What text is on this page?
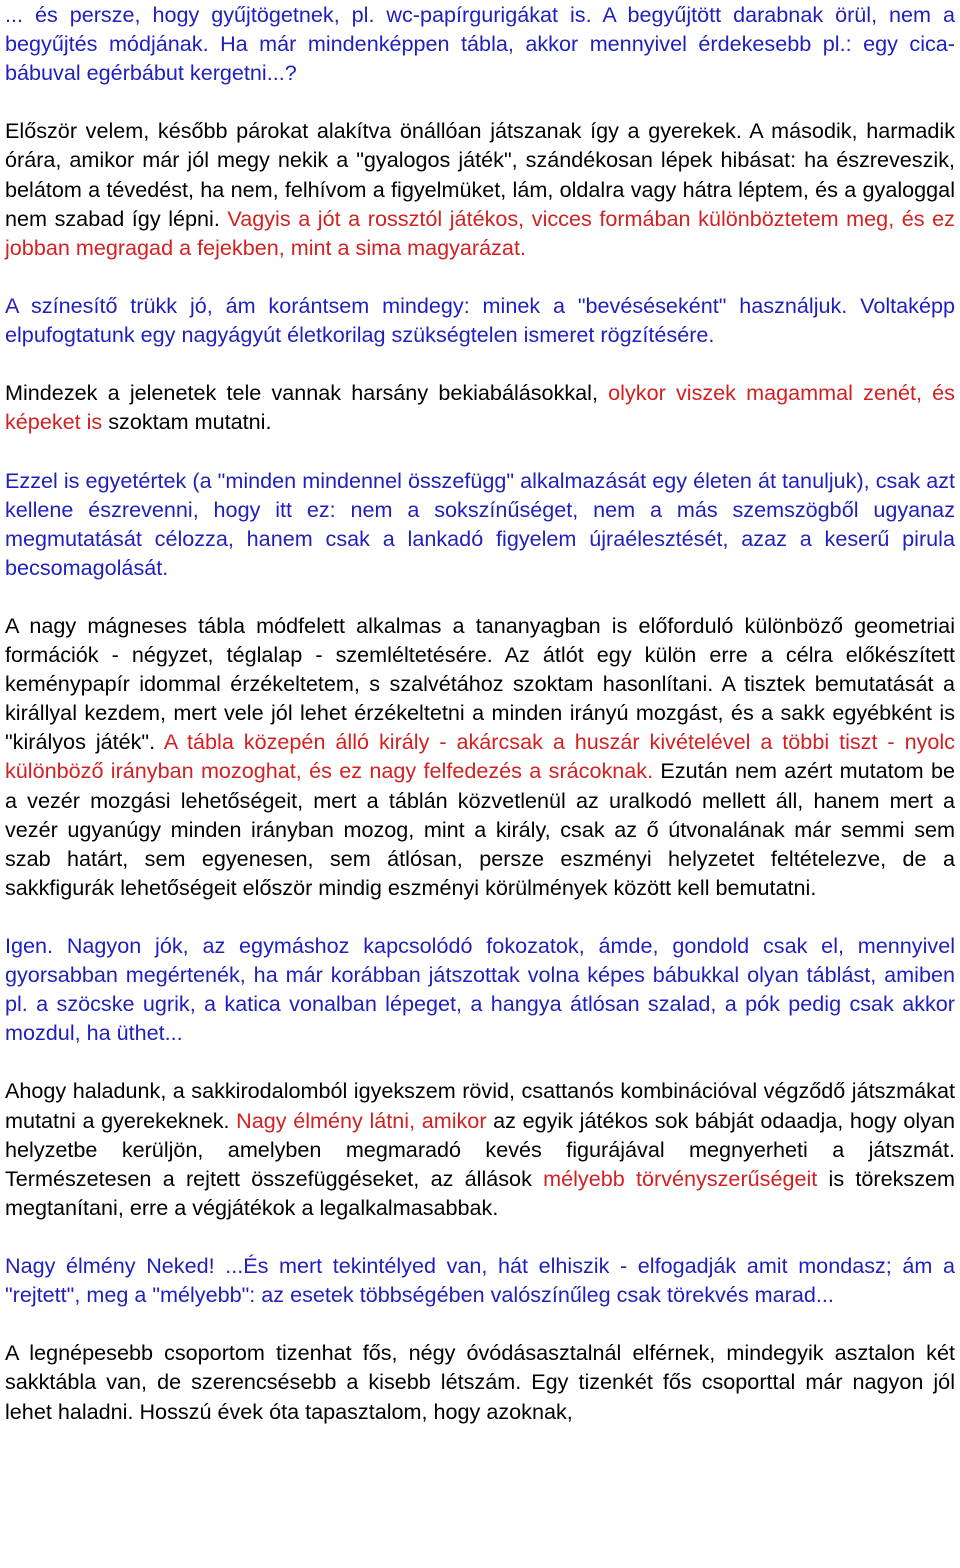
... és persze, hogy gyűjtögetnek, pl. wc-papírgurigákat is. A begyűjtött darabnak örül, nem a begyűjtés módjának. Ha már mindenképpen tábla, akkor mennyivel érdekesebb pl.: egy cica-bábuval egérbábut kergetni...?

Először velem, később párokat alakítva önállóan játszanak így a gyerekek. A második, harmadik órára, amikor már jól megy nekik a "gyalogos játék", szándékosan lépek hibásat: ha észreveszik, belátom a tévedést, ha nem, felhívom a figyelmüket, lám, oldalra vagy hátra léptem, és a gyaloggal nem szabad így lépni. Vagyis a jót a rossztól játékos, vicces formában különböztetem meg, és ez jobban megragad a fejekben, mint a sima magyarázat.

A színesítő trükk jó, ám korántsem mindegy: minek a "bevéséseként" használjuk. Voltaképp elpufogtatunk egy nagyágyút életkorilag szükségtelen ismeret rögzítésére.

Mindezek a jelenetek tele vannak harsány bekiabálásokkal, olykor viszek magammal zenét, és képeket is szoktam mutatni.

Ezzel is egyetértek (a "minden mindennel összefügg" alkalmazását egy életen át tanuljuk), csak azt kellene észrevenni, hogy itt ez: nem a sokszínűséget, nem a más szemszögből ugyanaz megmutatását célozza, hanem csak a lankadó figyelem újraélesztését, azaz a keserű pirula becsomagolását.

A nagy mágneses tábla módfelett alkalmas a tananyagban is előforduló különböző geometriai formációk - négyzet, téglalap - szemléltetésére. Az átlót egy külön erre a célra előkészített keménypapír idommal érzékeltetem, s szalvétához szoktam hasonlítani. A tisztek bemutatását a királlyal kezdem, mert vele jól lehet érzékeltetni a minden irányú mozgást, és a sakk egyébként is "királyos játék". A tábla közepén álló király - akárcsak a huszár kivételével a többi tiszt - nyolc különböző irányban mozoghat, és ez nagy felfedezés a srácoknak. Ezután nem azért mutatom be a vezér mozgási lehetőségeit, mert a táblán közvetlenül az uralkodó mellett áll, hanem mert a vezér ugyanúgy minden irányban mozog, mint a király, csak az ő útvonalának már semmi sem szab határt, sem egyenesen, sem átlósan, persze eszményi helyzetet feltételezve, de a sakkfigurák lehetőségeit először mindig eszményi körülmények között kell bemutatni.

Igen. Nagyon jók, az egymáshoz kapcsolódó fokozatok, ámde, gondold csak el, mennyivel gyorsabban megértenék, ha már korábban játszottak volna képes bábukkal olyan táblást, amiben pl. a szöcske ugrik, a katica vonalban lépeget, a hangya átlósan szalad, a pók pedig csak akkor mozdul, ha üthet...

Ahogy haladunk, a sakkirodalomból igyekszem rövid, csattanós kombinációval végződő játszmákat mutatni a gyerekeknek. Nagy élmény látni, amikor az egyik játékos sok bábját odaadja, hogy olyan helyzetbe kerüljön, amelyben megmaradó kevés figurájával megnyerheti a játszmát. Természetesen a rejtett összefüggéseket, az állások mélyebb törvényszerűségeit is törekszem megtanítani, erre a végjátékok a legalkalmasabbak.

Nagy élmény Neked! ...És mert tekintélyed van, hát elhiszik - elfogadják amit mondasz; ám a "rejtett", meg a "mélyebb": az esetek többségében valószínűleg csak törekvés marad...

A legnépesebb csoportom tizenhat fős, négy óvódásasztalnál elférnek, mindegyik asztalon két sakktábla van, de szerencsésebb a kisebb létszám. Egy tizenkét fős csoporttal már nagyon jól lehet haladni. Hosszú évek óta tapasztalom, hogy azoknak,
